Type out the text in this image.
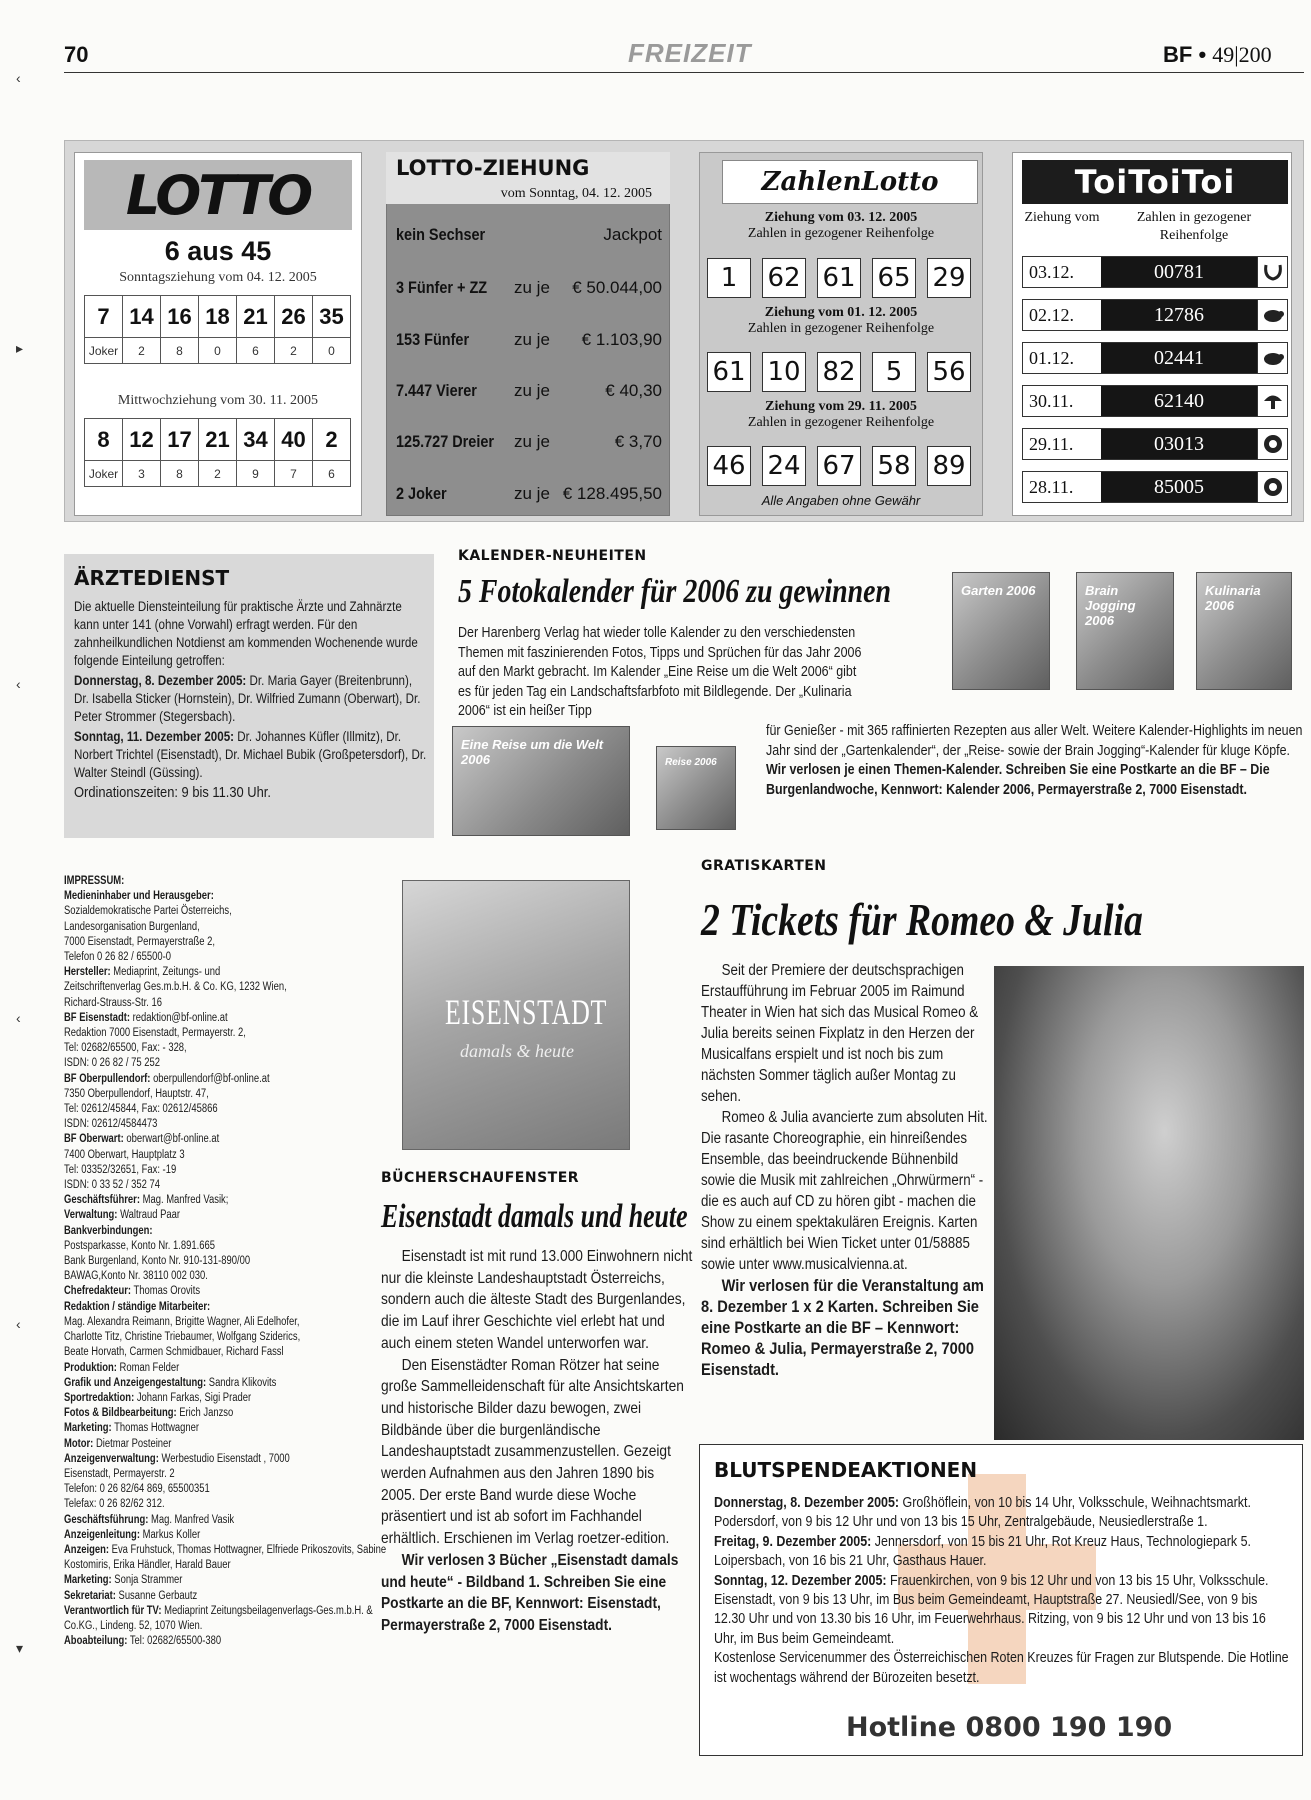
70	FREIZEIT	BF • 49|200
‹
▸
‹
‹
‹
▾
LOTTO
6 aus 45
Sonntagsziehung vom 04. 12. 2005
7	14	16	18	21	26	35
Joker	2	8	0	6	2	0
Mittwochziehung vom 30. 11. 2005
8	12	17	21	34	40	2
Joker	3	8	2	9	7	6
LOTTO-ZIEHUNG
vom Sonntag, 04. 12. 2005
kein Sechser	Jackpot
3 Fünfer + ZZ	zu je	€ 50.044,00
153 Fünfer	zu je	€ 1.103,90
7.447 Vierer	zu je	€ 40,30
125.727 Dreier zu je	€ 3,70
2 Joker	zu je € 128.495,50
ZahlenLotto
Ziehung vom 03. 12. 2005
Zahlen in gezogener Reihenfolge
1	62 61 65 29
Ziehung vom 01. 12. 2005
Zahlen in gezogener Reihenfolge
61 10 82	5	56
Ziehung vom 29. 11. 2005
Zahlen in gezogener Reihenfolge
46 24 67 58 89
Alle Angaben ohne Gewähr
ToiToiToi
Ziehung vom	Zahlen in gezogener Reihenfolge
03.12.	00781
02.12.	12786
01.12.	02441
30.11.	62140
29.11.	03013
28.11.	85005
ÄRZTEDIENST

Die aktuelle Diensteinteilung für praktische Ärzte und Zahnärzte kann unter 141 (ohne Vorwahl) erfragt werden. Für den zahnheilkundlichen Notdienst am kommenden Wochenende wurde folgende Einteilung getroffen:

Donnerstag, 8. Dezember 2005: Dr. Maria Gayer (Breitenbrunn), Dr. Isabella Sticker (Hornstein), Dr. Wilfried Zumann (Oberwart), Dr. Peter Strommer (Stegersbach).

Sonntag, 11. Dezember 2005: Dr. Johannes Küfler (Illmitz), Dr. Norbert Trichtel (Eisenstadt), Dr. Michael Bubik (Großpetersdorf), Dr. Walter Steindl (Güssing).

Ordinationszeiten: 9 bis 11.30 Uhr.

IMPRESSUM:

Medieninhaber und Herausgeber:

Sozialdemokratische Partei Österreichs,

Landesorganisation Burgenland,

7000 Eisenstadt, Permayerstraße 2,

Telefon 0 26 82 / 65500-0

Hersteller: Mediaprint, Zeitungs- und

Zeitschriftenverlag Ges.m.b.H. & Co. KG, 1232 Wien,

Richard-Strauss-Str. 16

BF Eisenstadt: redaktion@bf-online.at

Redaktion 7000 Eisenstadt, Permayerstr. 2,

Tel: 02682/65500, Fax: - 328,

ISDN: 0 26 82 / 75 252

BF Oberpullendorf: oberpullendorf@bf-online.at

7350 Oberpullendorf, Hauptstr. 47,

Tel: 02612/45844, Fax: 02612/45866

ISDN: 02612/4584473

BF Oberwart: oberwart@bf-online.at

7400 Oberwart, Hauptplatz 3

Tel: 03352/32651, Fax: -19

ISDN: 0 33 52 / 352 74

Geschäftsführer: Mag. Manfred Vasik;

Verwaltung: Waltraud Paar

Bankverbindungen:

Postsparkasse, Konto Nr. 1.891.665

Bank Burgenland, Konto Nr. 910-131-890/00

BAWAG,Konto Nr. 38110 002 030.

Chefredakteur: Thomas Orovits

Redaktion / ständige Mitarbeiter:

Mag. Alexandra Reimann, Brigitte Wagner, Ali Edelhofer,

Charlotte Titz, Christine Triebaumer, Wolfgang Sziderics,

Beate Horvath, Carmen Schmidbauer, Richard Fassl

Produktion: Roman Felder

Grafik und Anzeigengestaltung: Sandra Klikovits

Sportredaktion: Johann Farkas, Sigi Prader

Fotos & Bildbearbeitung: Erich Janzso

Marketing: Thomas Hottwagner

Motor: Dietmar Posteiner

Anzeigenverwaltung: Werbestudio Eisenstadt , 7000

Eisenstadt, Permayerstr. 2

Telefon: 0 26 82/64 869, 65500351

Telefax: 0 26 82/62 312.

Geschäftsführung: Mag. Manfred Vasik

Anzeigenleitung: Markus Koller

Anzeigen: Eva Fruhstuck, Thomas Hottwagner, Elfriede Prikoszovits, Sabine Kostomiris, Erika Händler, Harald Bauer

Marketing: Sonja Strammer

Sekretariat: Susanne Gerbautz

Verantwortlich für TV: Mediaprint Zeitungsbeilagenverlags-Ges.m.b.H. & Co.KG., Lindeng. 52, 1070 Wien.

Aboabteilung: Tel: 02682/65500-380

KALENDER-NEUHEITEN
5 Fotokalender für 2006 zu gewinnen
Der Harenberg Verlag hat wieder tolle Kalender zu den verschiedensten Themen mit faszinierenden Fotos, Tipps und Sprüchen für das Jahr 2006 auf den Markt gebracht. Im Kalender „Eine Reise um die Welt 2006“ gibt es für jeden Tag ein Landschaftsfarbfoto mit Bildlegende. Der „Kulinaria 2006“ ist ein heißer Tipp
für Genießer - mit 365 raffinierten Rezepten aus aller Welt. Weitere Kalender-Highlights im neuen Jahr sind der „Gartenkalender“, der „Reise- sowie der Brain Jogging“-Kalender für kluge Köpfe. Wir verlosen je einen Themen-Kalender. Schreiben Sie eine Postkarte an die BF – Die Burgenlandwoche, Kennwort: Kalender 2006, Permayerstraße 2, 7000 Eisenstadt.
Garten 2006	Brain Jogging 2006
Kulinaria 2006
Eine Reise um die Welt 2006	Reise 2006
EISENSTADT
damals & heute
BÜCHERSCHAUFENSTER
Eisenstadt damals und heute

Eisenstadt ist mit rund 13.000 Einwohnern nicht nur die kleinste Landeshauptstadt Österreichs, sondern auch die älteste Stadt des Burgenlandes, die im Lauf ihrer Geschichte viel erlebt hat und auch einem steten Wandel unterworfen war.

Den Eisenstädter Roman Rötzer hat seine große Sammelleidenschaft für alte Ansichtskarten und historische Bilder dazu bewogen, zwei Bildbände über die burgenländische Landeshauptstadt zusammenzustellen. Gezeigt werden Aufnahmen aus den Jahren 1890 bis 2005. Der erste Band wurde diese Woche präsentiert und ist ab sofort im Fachhandel erhältlich. Erschienen im Verlag roetzer-edition.

Wir verlosen 3 Bücher „Eisenstadt damals und heute“ - Bildband 1. Schreiben Sie eine Postkarte an die BF, Kennwort: Eisenstadt, Permayerstraße 2, 7000 Eisenstadt.

GRATISKARTEN
2 Tickets für Romeo & Julia

Seit der Premiere der deutschsprachigen Erstaufführung im Februar 2005 im Raimund Theater in Wien hat sich das Musical Romeo & Julia bereits seinen Fixplatz in den Herzen der Musicalfans erspielt und ist noch bis zum nächsten Sommer täglich außer Montag zu sehen.

Romeo & Julia avancierte zum absoluten Hit. Die rasante Choreographie, ein hinreißendes Ensemble, das beeindruckende Bühnenbild sowie die Musik mit zahlreichen „Ohrwürmern“ - die es auch auf CD zu hören gibt - machen die Show zu einem spektakulären Ereignis. Karten sind erhältlich bei Wien Ticket unter 01/58885 sowie unter www.musicalvienna.at.

Wir verlosen für die Veranstaltung am 8. Dezember 1 x 2 Karten. Schreiben Sie eine Postkarte an die BF – Kennwort: Romeo & Julia, Permayerstraße 2, 7000 Eisenstadt.

BLUTSPENDEAKTIONEN

Donnerstag, 8. Dezember 2005: Großhöflein, von 10 bis 14 Uhr, Volksschule, Weihnachtsmarkt. Podersdorf, von 9 bis 12 Uhr und von 13 bis 15 Uhr, Zentralgebäude, Neusiedlerstraße 1.

Freitag, 9. Dezember 2005: Jennersdorf, von 15 bis 21 Uhr, Rot Kreuz Haus, Technologiepark 5. Loipersbach, von 16 bis 21 Uhr, Gasthaus Hauer.

Sonntag, 12. Dezember 2005: Frauenkirchen, von 9 bis 12 Uhr und von 13 bis 15 Uhr, Volksschule. Eisenstadt, von 9 bis 13 Uhr, im Bus beim Gemeindeamt, Hauptstraße 27. Neusiedl/See, von 9 bis 12.30 Uhr und von 13.30 bis 16 Uhr, im Feuerwehrhaus. Ritzing, von 9 bis 12 Uhr und von 13 bis 16 Uhr, im Bus beim Gemeindeamt.

Kostenlose Servicenummer des Österreichischen Roten Kreuzes für Fragen zur Blutspende. Die Hotline ist wochentags während der Bürozeiten besetzt.

Hotline 0800 190 190
